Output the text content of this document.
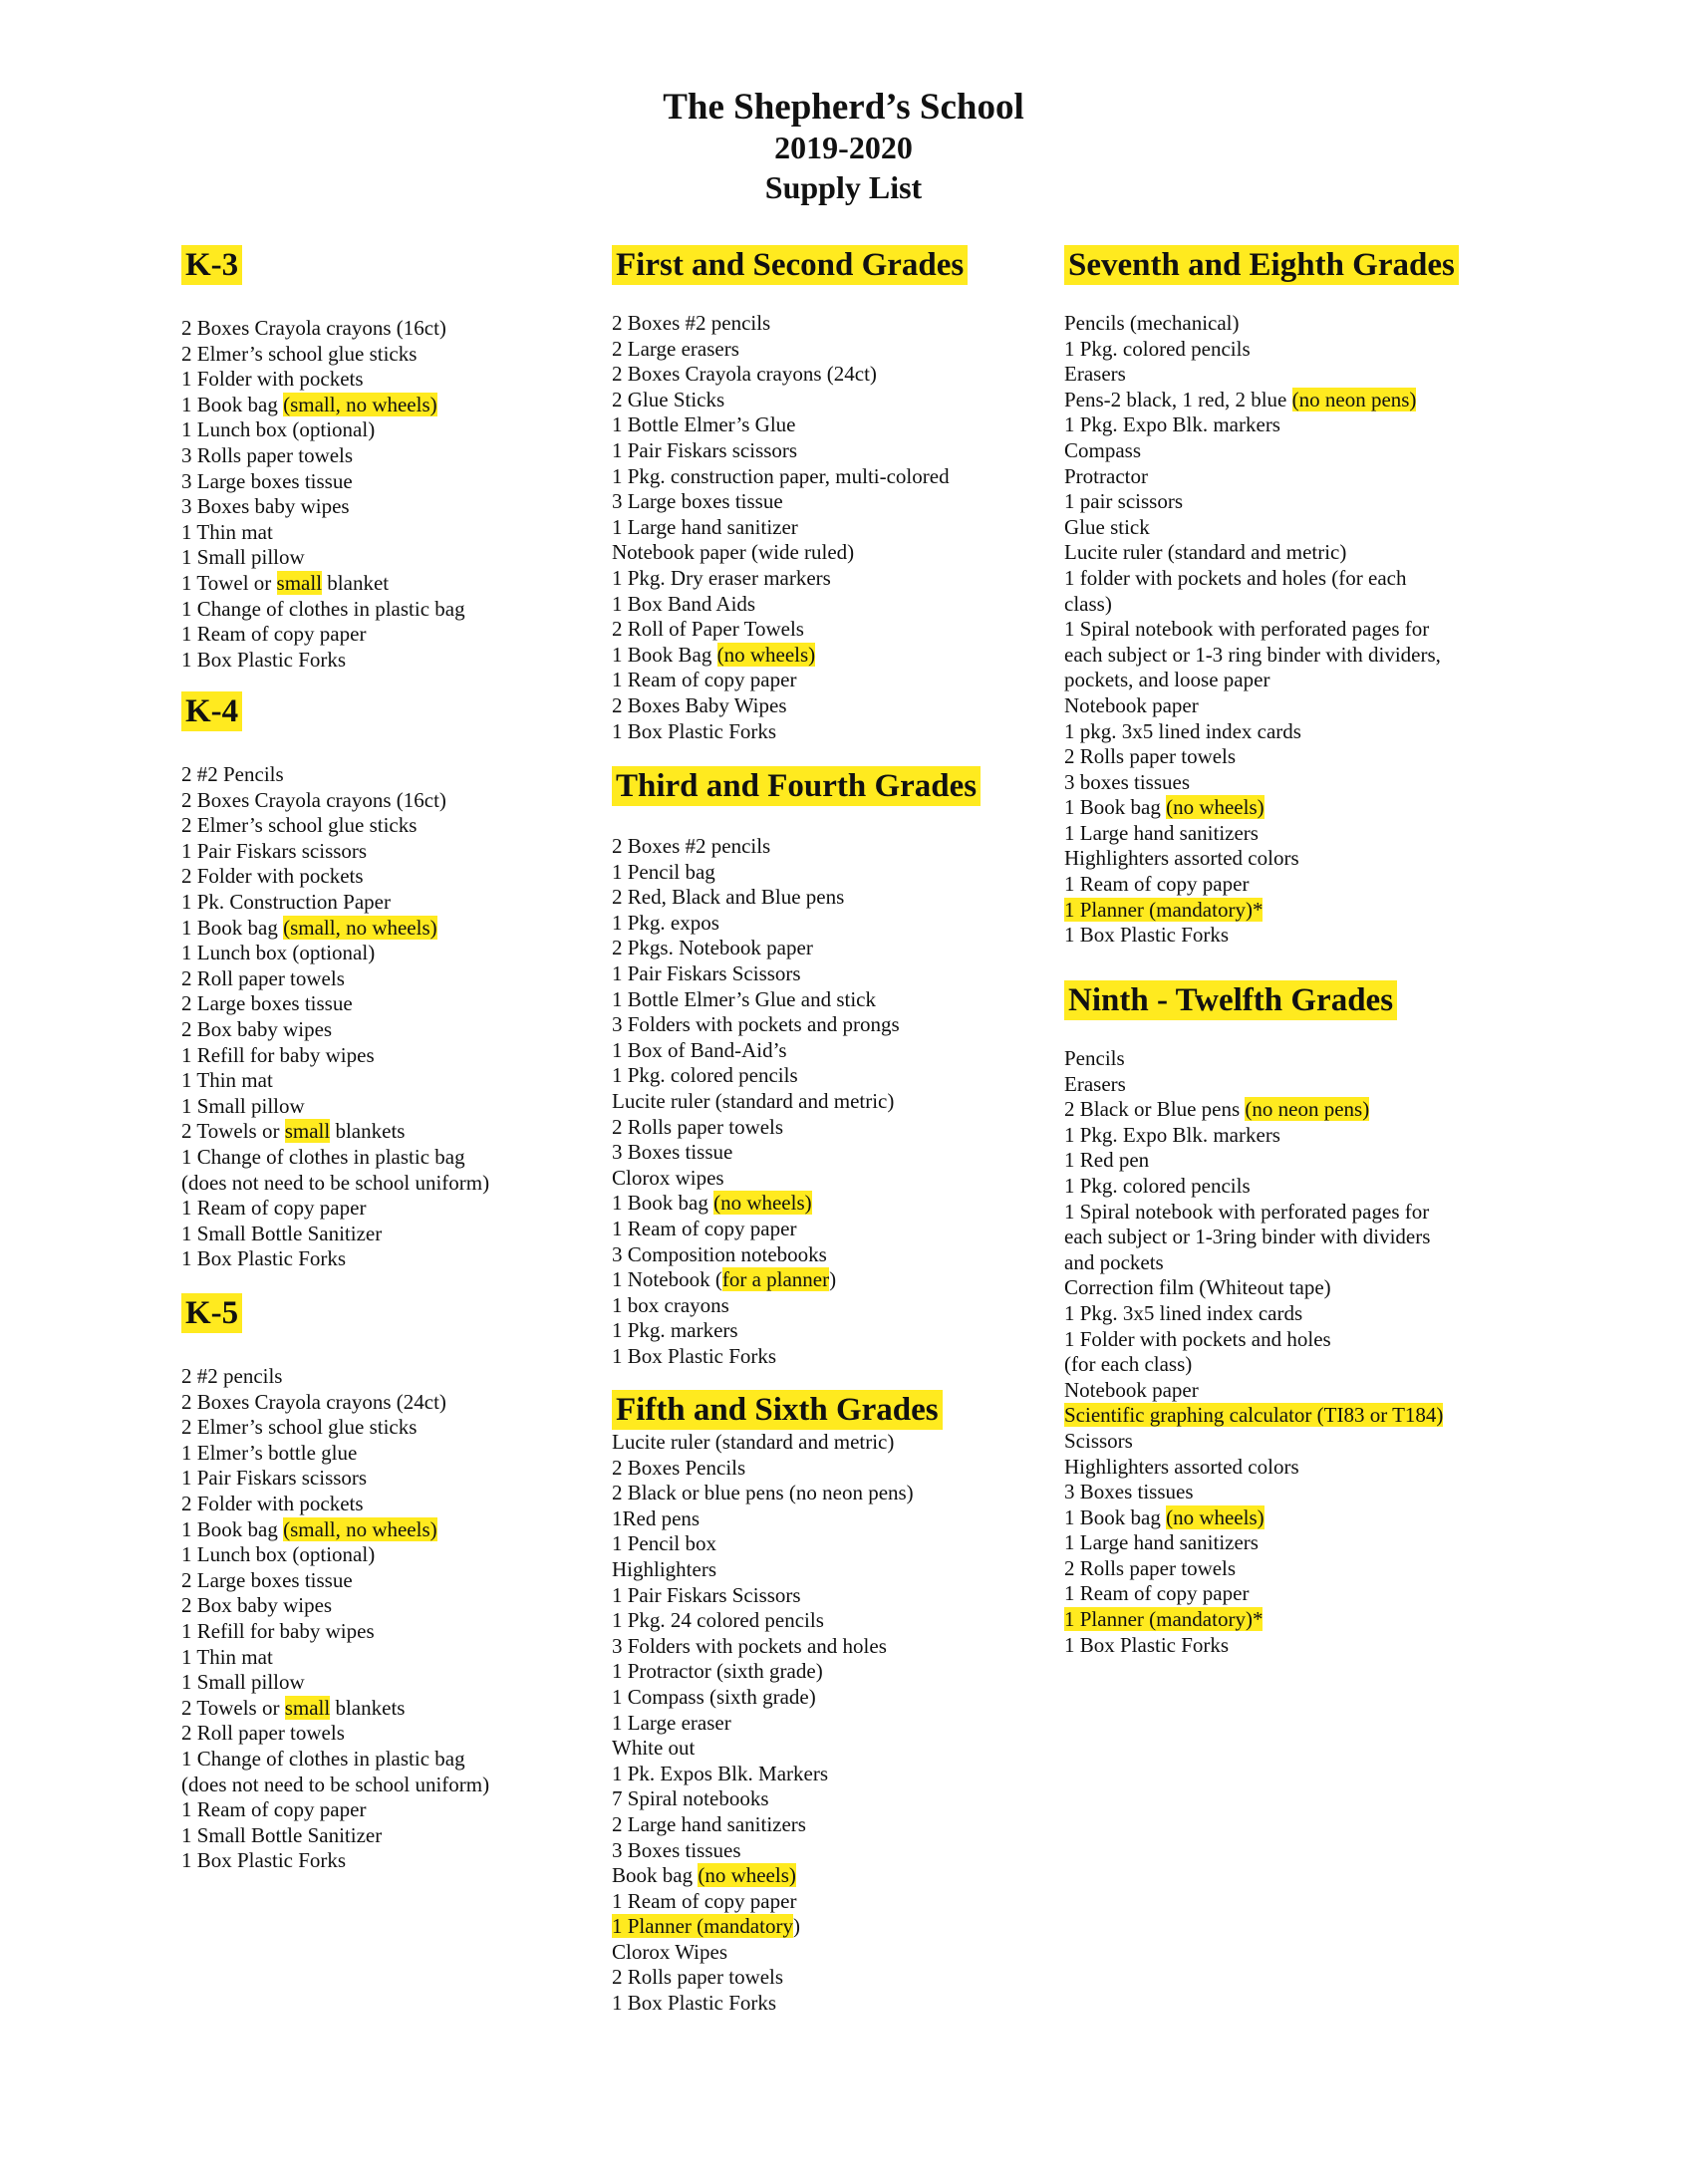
The Shepherd’s School
2019-2020
Supply List
K-3
2 Boxes Crayola crayons (16ct)
2 Elmer’s school glue sticks
1 Folder with pockets
1 Book bag (small, no wheels)
1 Lunch box (optional)
3 Rolls paper towels
3 Large boxes tissue
3 Boxes baby wipes
1 Thin mat
1 Small pillow
1 Towel or small blanket
1 Change of clothes in plastic bag
1 Ream of copy paper
1 Box Plastic Forks
K-4
2 #2 Pencils
2 Boxes Crayola crayons (16ct)
2 Elmer’s school glue sticks
1 Pair Fiskars scissors
2 Folder with pockets
1 Pk. Construction Paper
1 Book bag (small, no wheels)
1 Lunch box (optional)
2 Roll paper towels
2 Large boxes tissue
2 Box baby wipes
1 Refill for baby wipes
1 Thin mat
1 Small pillow
2 Towels or small blankets
1 Change of clothes in plastic bag
(does not need to be school uniform)
1 Ream of copy paper
1 Small Bottle Sanitizer
1 Box Plastic Forks
K-5
2 #2 pencils
2 Boxes Crayola crayons (24ct)
2 Elmer’s school glue sticks
1 Elmer’s bottle glue
1 Pair Fiskars scissors
2 Folder with pockets
1 Book bag (small, no wheels)
1 Lunch box (optional)
2 Large boxes tissue
2 Box baby wipes
1 Refill for baby wipes
1 Thin mat
1 Small pillow
2 Towels or small blankets
2 Roll paper towels
1 Change of clothes in plastic bag
(does not need to be school uniform)
1 Ream of copy paper
1 Small Bottle Sanitizer
1 Box Plastic Forks
First and Second Grades
2 Boxes #2 pencils
2 Large erasers
2 Boxes Crayola crayons (24ct)
2 Glue Sticks
1 Bottle Elmer’s Glue
1 Pair Fiskars scissors
1 Pkg. construction paper, multi-colored
3 Large boxes tissue
1 Large hand sanitizer
Notebook paper (wide ruled)
1 Pkg. Dry eraser markers
1 Box Band Aids
2 Roll of Paper Towels
1 Book Bag (no wheels)
1 Ream of copy paper
2 Boxes Baby Wipes
1 Box Plastic Forks
Third and Fourth Grades
2 Boxes #2 pencils
1 Pencil bag
2 Red, Black and Blue pens
1 Pkg. expos
2 Pkgs. Notebook paper
1 Pair Fiskars Scissors
1 Bottle Elmer’s Glue and stick
3 Folders with pockets and prongs
1 Box of Band-Aid’s
1 Pkg. colored pencils
Lucite ruler (standard and metric)
2 Rolls paper towels
3 Boxes tissue
Clorox wipes
1 Book bag (no wheels)
1 Ream of copy paper
3 Composition notebooks
1 Notebook (for a planner)
1 box crayons
1 Pkg. markers
1 Box Plastic Forks
Fifth and Sixth Grades
Lucite ruler (standard and metric)
2 Boxes Pencils
2 Black or blue pens (no neon pens)
1Red pens
1 Pencil box
Highlighters
1 Pair Fiskars Scissors
1 Pkg. 24 colored pencils
3 Folders with pockets and holes
1 Protractor (sixth grade)
1 Compass (sixth grade)
1 Large eraser
White out
1 Pk. Expos Blk. Markers
7 Spiral notebooks
2 Large hand sanitizers
3 Boxes tissues
Book bag (no wheels)
1 Ream of copy paper
1 Planner (mandatory)
Clorox Wipes
2 Rolls paper towels
1 Box Plastic Forks
Seventh and Eighth Grades
Pencils (mechanical)
1 Pkg. colored pencils
Erasers
Pens-2 black, 1 red, 2 blue (no neon pens)
1 Pkg. Expo Blk. markers
Compass
Protractor
1 pair scissors
Glue stick
Lucite ruler (standard and metric)
1 folder with pockets and holes (for each
class)
1 Spiral notebook with perforated pages for
each subject or 1-3 ring binder with dividers,
pockets, and loose paper
Notebook paper
1 pkg. 3x5 lined index cards
2 Rolls paper towels
3 boxes tissues
1 Book bag (no wheels)
1 Large hand sanitizers
Highlighters assorted colors
1 Ream of copy paper
1 Planner (mandatory)*
1 Box Plastic Forks
Ninth - Twelfth Grades
Pencils
Erasers
2 Black or Blue pens (no neon pens)
1 Pkg. Expo Blk. markers
1 Red pen
1 Pkg. colored pencils
1 Spiral notebook with perforated pages for
each subject or 1-3ring binder with dividers
and pockets
Correction film (Whiteout tape)
1 Pkg. 3x5 lined index cards
1 Folder with pockets and holes
(for each class)
Notebook paper
Scientific graphing calculator (TI83 or T184)
Scissors
Highlighters assorted colors
3 Boxes tissues
1 Book bag (no wheels)
1 Large hand sanitizers
2 Rolls paper towels
1 Ream of copy paper
1 Planner (mandatory)*
1 Box Plastic Forks
